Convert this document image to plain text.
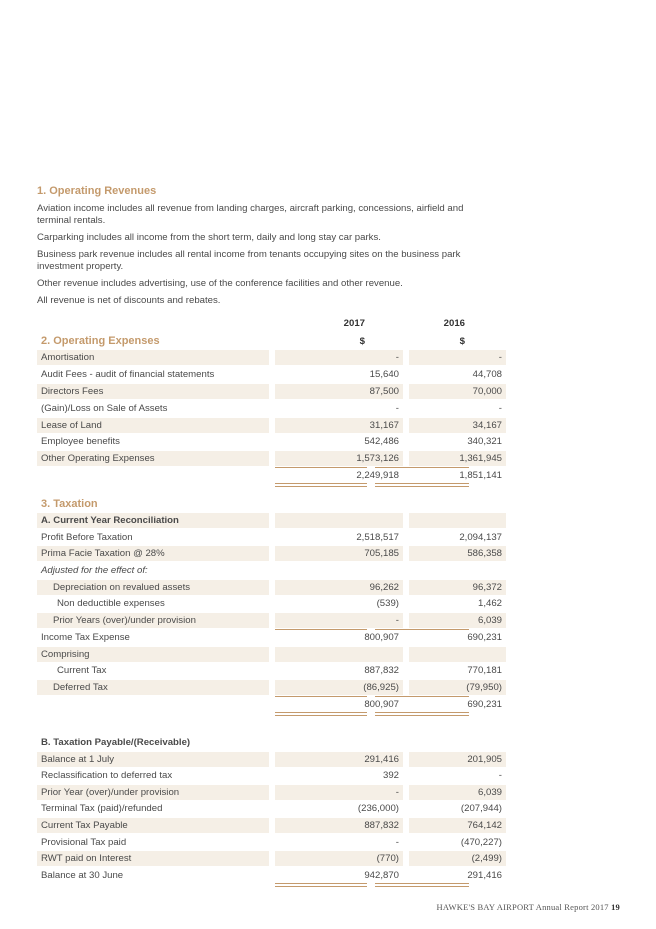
1. Operating Revenues

Aviation income includes all revenue from landing charges, aircraft parking, concessions, airfield and terminal rentals.

Carparking includes all income from the short term, daily and long stay car parks.

Business park revenue includes all rental income from tenants occupying sites on the business park investment property.

Other revenue includes advertising, use of the conference facilities and other revenue.

All revenue is net of discounts and rebates.

2017	2016
$	$
2. Operating Expenses
Amortisation	-	-
Audit Fees - audit of financial statements	15,640	44,708
Directors Fees	87,500	70,000
(Gain)/Loss on Sale of Assets	-	-
Lease of Land	31,167	34,167
Employee benefits	542,486	340,321
Other Operating Expenses	1,573,126	1,361,945
2,249,918	1,851,141
3. Taxation
A. Current Year Reconciliation
Profit Before Taxation	2,518,517	2,094,137
Prima Facie Taxation @ 28%	705,185	586,358
Adjusted for the effect of:
Depreciation on revalued assets	96,262	96,372
Non deductible expenses	(539)	1,462
Prior Years (over)/under provision	-	6,039
Income Tax Expense	800,907	690,231
Comprising
Current Tax	887,832	770,181
Deferred Tax	(86,925)	(79,950)
800,907	690,231
B. Taxation Payable/(Receivable)
Balance at 1 July	291,416	201,905
Reclassification to deferred tax	392	-
Prior Year (over)/under provision	-	6,039
Terminal Tax (paid)/refunded	(236,000)	(207,944)
Current Tax Payable	887,832	764,142
Provisional Tax paid	-	(470,227)
RWT paid on Interest	(770)	(2,499)
Balance at 30 June	942,870	291,416
HAWKE'S BAY AIRPORT Annual Report 2017 19
